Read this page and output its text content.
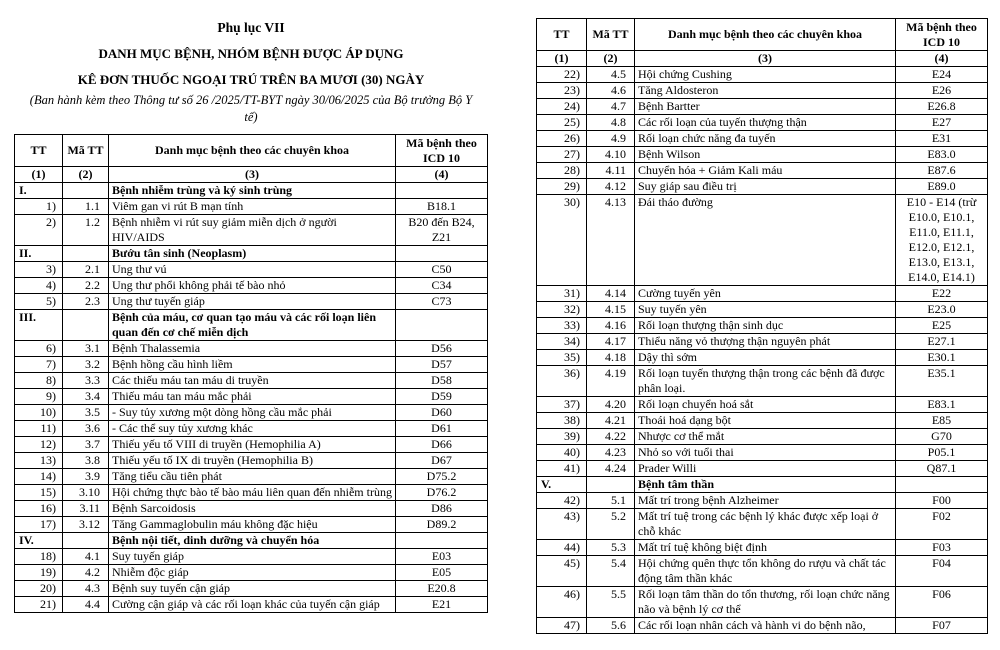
Phụ lục VII
DANH MỤC BỆNH, NHÓM BỆNH ĐƯỢC ÁP DỤNG
KÊ ĐƠN THUỐC NGOẠI TRÚ TRÊN BA MƯƠI (30) NGÀY
(Ban hành kèm theo Thông tư số 26 /2025/TT-BYT ngày 30/06/2025 của Bộ trưởng Bộ Y tế)
TT	Mã TT	Danh mục bệnh theo các chuyên khoa	Mã bệnh theo ICD 10
(1)	(2)	(3)	(4)
I.		Bệnh nhiễm trùng và ký sinh trùng	
1)	1.1	Viêm gan vi rút B mạn tính	B18.1
2)	1.2	Bệnh nhiễm vi rút suy giảm miễn dịch ở người HIV/AIDS	B20 đến B24, Z21
II.		Bướu tân sinh (Neoplasm)	
3)	2.1	Ung thư vú	C50
4)	2.2	Ung thư phổi không phải tế bào nhỏ	C34
5)	2.3	Ung thư tuyến giáp	C73
III.		Bệnh của máu, cơ quan tạo máu và các rối loạn liên quan đến cơ chế miễn dịch	
6)	3.1	Bệnh Thalassemia	D56
7)	3.2	Bệnh hồng cầu hình liềm	D57
8)	3.3	Các thiếu máu tan máu di truyền	D58
9)	3.4	Thiếu máu tan máu mắc phải	D59
10)	3.5	- Suy tủy xương một dòng hồng cầu mắc phải	D60
11)	3.6	- Các thể suy tủy xương khác	D61
12)	3.7	Thiếu yếu tố VIII di truyền (Hemophilia A)	D66
13)	3.8	Thiếu yếu tố IX di truyền (Hemophilia B)	D67
14)	3.9	Tăng tiểu cầu tiên phát	D75.2
15)	3.10	Hội chứng thực bào tế bào máu liên quan đến nhiễm trùng	D76.2
16)	3.11	Bệnh Sarcoidosis	D86
17)	3.12	Tăng Gammaglobulin máu không đặc hiệu	D89.2
IV.		Bệnh nội tiết, dinh dưỡng và chuyển hóa	
18)	4.1	Suy tuyến giáp	E03
19)	4.2	Nhiễm độc giáp	E05
20)	4.3	Bệnh suy tuyến cận giáp	E20.8
21)	4.4	Cường cận giáp và các rối loạn khác của tuyến cận giáp	E21
TT	Mã TT	Danh mục bệnh theo các chuyên khoa	Mã bệnh theo ICD 10
(1)	(2)	(3)	(4)
22)	4.5	Hội chứng Cushing	E24
23)	4.6	Tăng Aldosteron	E26
24)	4.7	Bệnh Bartter	E26.8
25)	4.8	Các rối loạn của tuyến thượng thận	E27
26)	4.9	Rối loạn chức năng đa tuyến	E31
27)	4.10	Bệnh Wilson	E83.0
28)	4.11	Chuyển hóa + Giảm Kali máu	E87.6
29)	4.12	Suy giáp sau điều trị	E89.0
30)	4.13	Đái tháo đường	E10 - E14 (trừ E10.0, E10.1, E11.0, E11.1, E12.0, E12.1, E13.0, E13.1, E14.0, E14.1)
31)	4.14	Cường tuyến yên	E22
32)	4.15	Suy tuyến yên	E23.0
33)	4.16	Rối loạn thượng thận sinh dục	E25
34)	4.17	Thiểu năng vỏ thượng thận nguyên phát	E27.1
35)	4.18	Dậy thì sớm	E30.1
36)	4.19	Rối loạn tuyến thượng thận trong các bệnh đã được phân loại.	E35.1
37)	4.20	Rối loạn chuyển hoá sắt	E83.1
38)	4.21	Thoái hoá dạng bột	E85
39)	4.22	Nhược cơ thể mắt	G70
40)	4.23	Nhỏ so với tuổi thai	P05.1
41)	4.24	Prader Willi	Q87.1
V.		Bệnh tâm thần	
42)	5.1	Mất trí trong bệnh Alzheimer	F00
43)	5.2	Mất trí tuệ trong các bệnh lý khác được xếp loại ở chỗ khác	F02
44)	5.3	Mất trí tuệ không biệt định	F03
45)	5.4	Hội chứng quên thực tổn không do rượu và chất tác động tâm thần khác	F04
46)	5.5	Rối loạn tâm thần do tổn thương, rối loạn chức năng não và bệnh lý cơ thể	F06
47)	5.6	Các rối loạn nhân cách và hành vi do bệnh não,	F07
